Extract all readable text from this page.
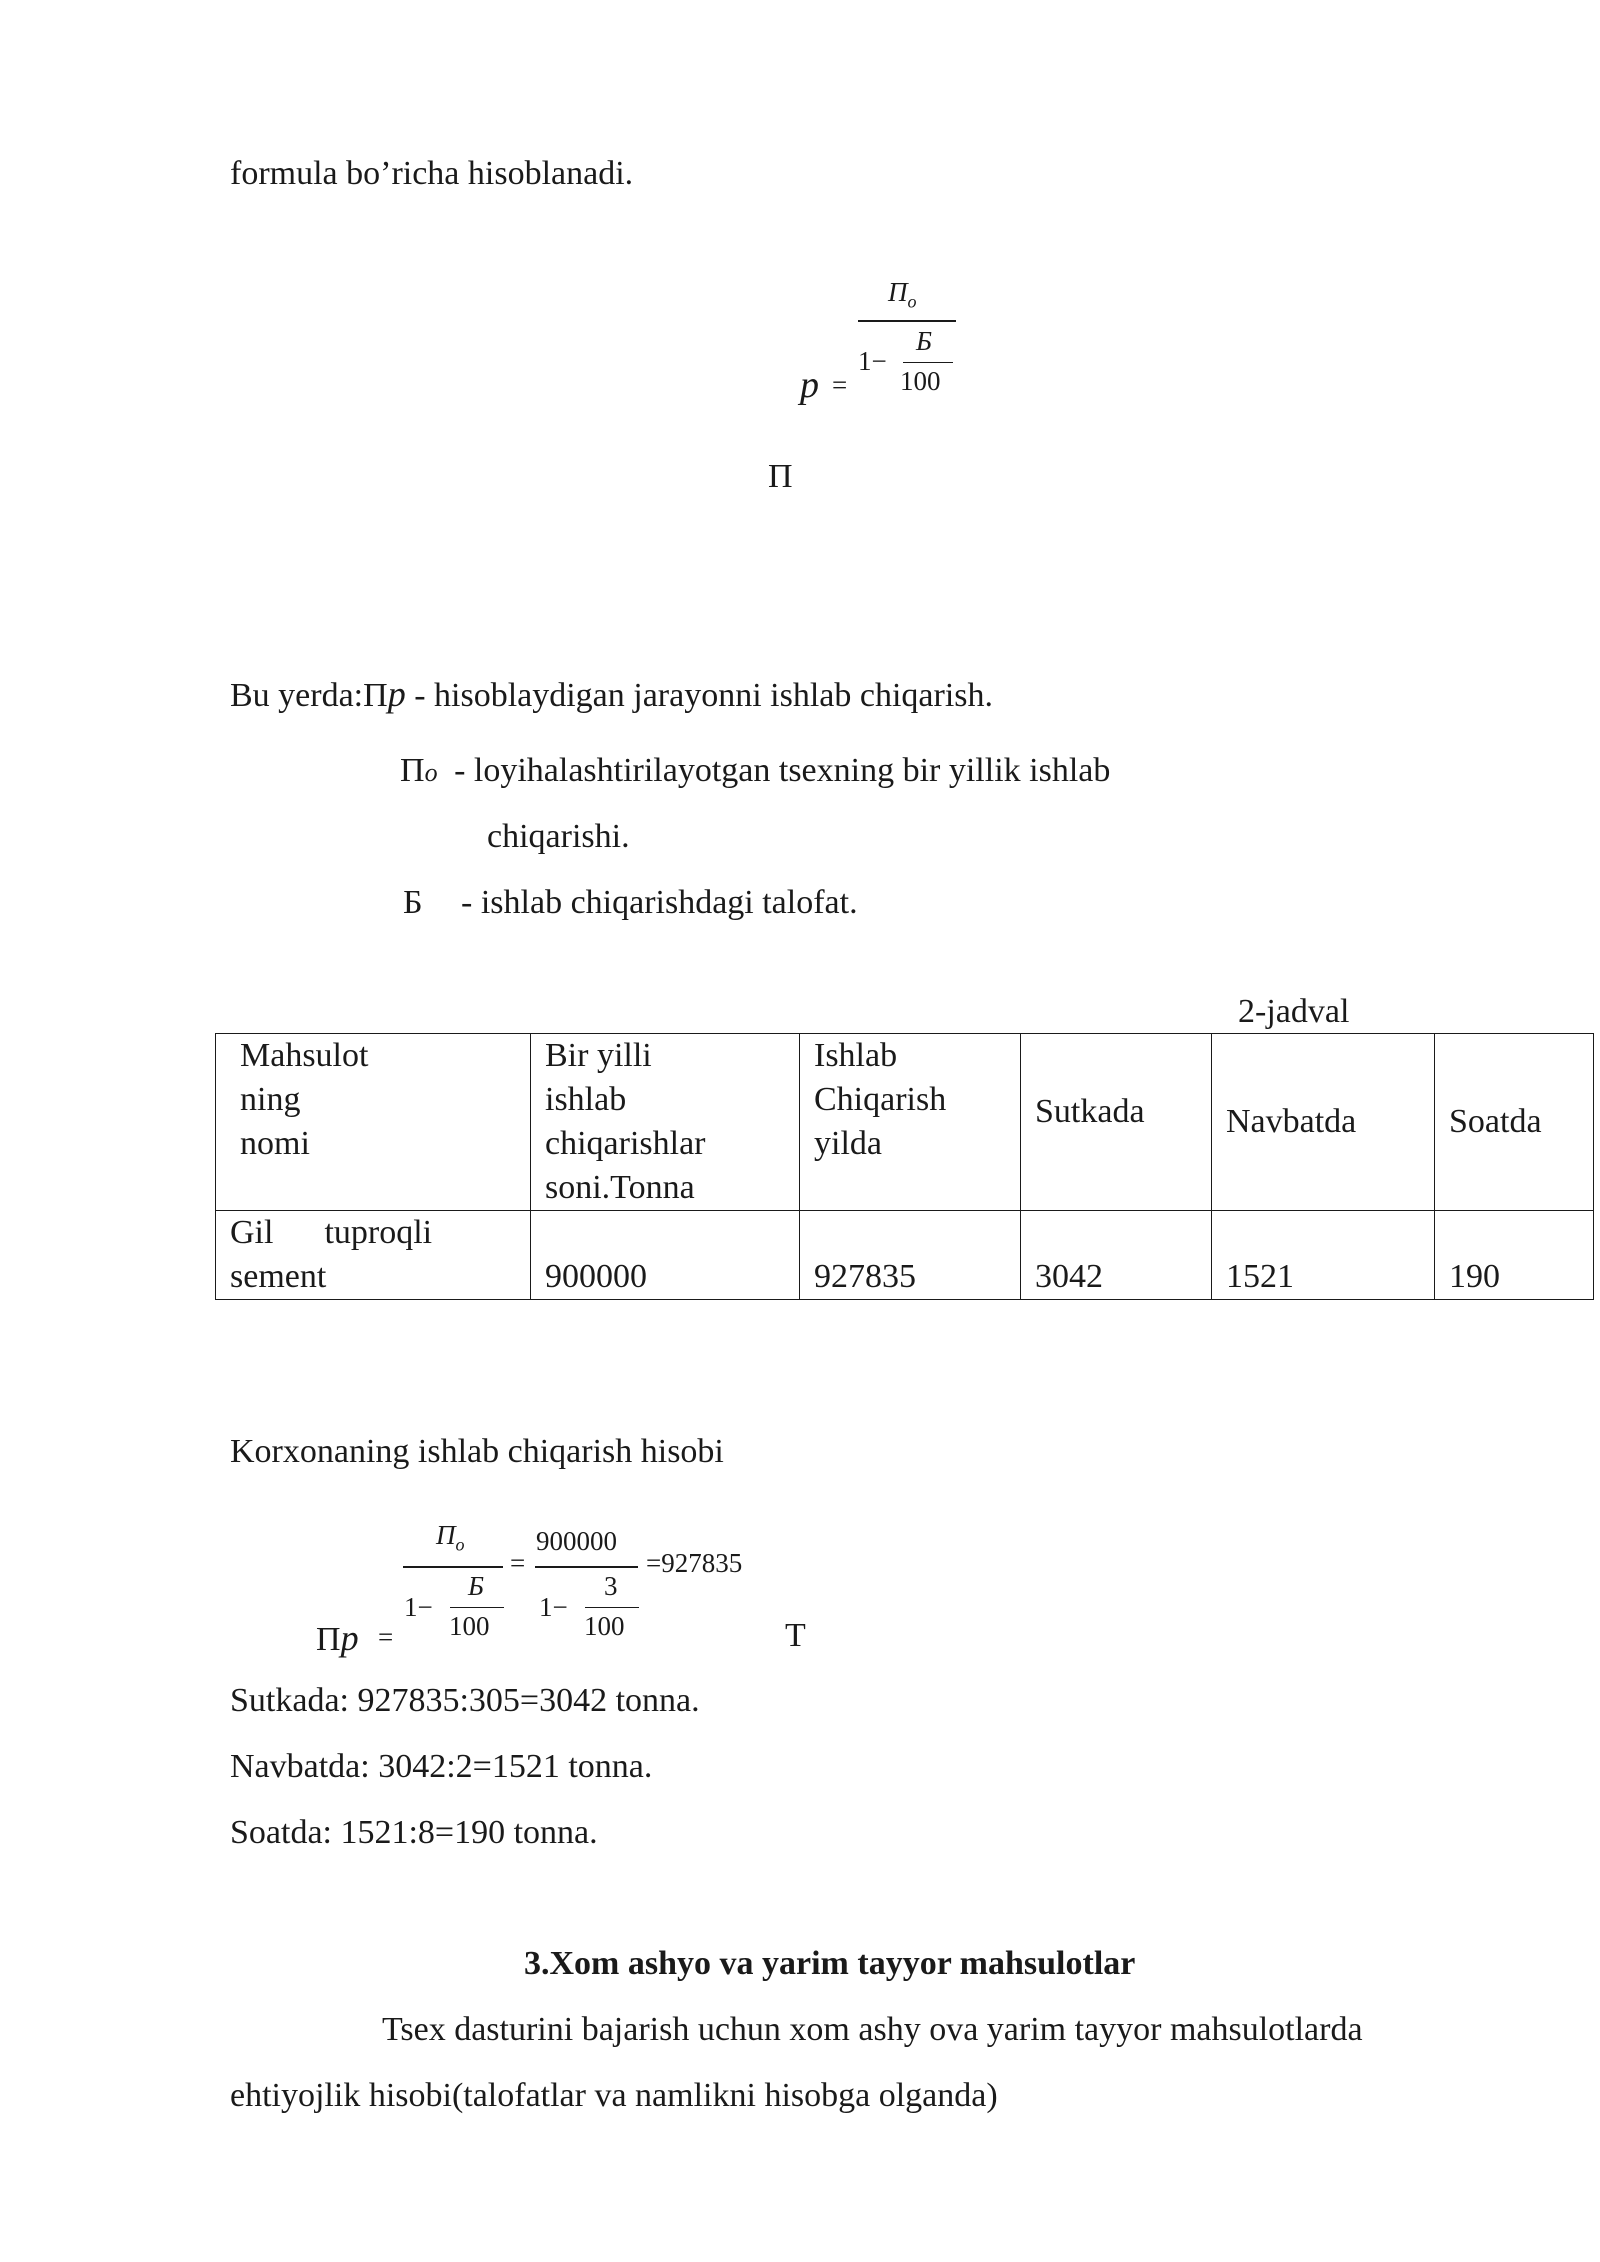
formula bo’richa hisoblanadi.
$П_о$
1−
Б
100
p =
П
Bu yerda:Пp - hisoblaydigan jarayonni ishlab chiqarish.
По - loyihalashtirilayotgan tsexning bir yillik ishlab
chiqarishi.
Б - ishlab chiqarishdagi talofat.
2-jadval
Mahsulot
ning
nomi	Bir yilli
ishlab
chiqarishlar
soni.Tonna	Ishlab
Chiqarish
yilda	Sutkada	Navbatda	Soatda

Gil      tuproqli
sement	900000	927835	3042	1521	190
Korxonaning ishlab chiqarish hisobi
$П_о$
1−
Б
100
=
900000
1−
3
100
=927835
Пp =	Т
Sutkada: 927835:305=3042 tonna.
Navbatda: 3042:2=1521 tonna.
Soatda: 1521:8=190 tonna.
3.Xom ashyo va yarim tayyor mahsulotlar
Tsex dasturini bajarish uchun xom ashy ova yarim tayyor mahsulotlarda
ehtiyojlik hisobi(talofatlar va namlikni hisobga olganda)
